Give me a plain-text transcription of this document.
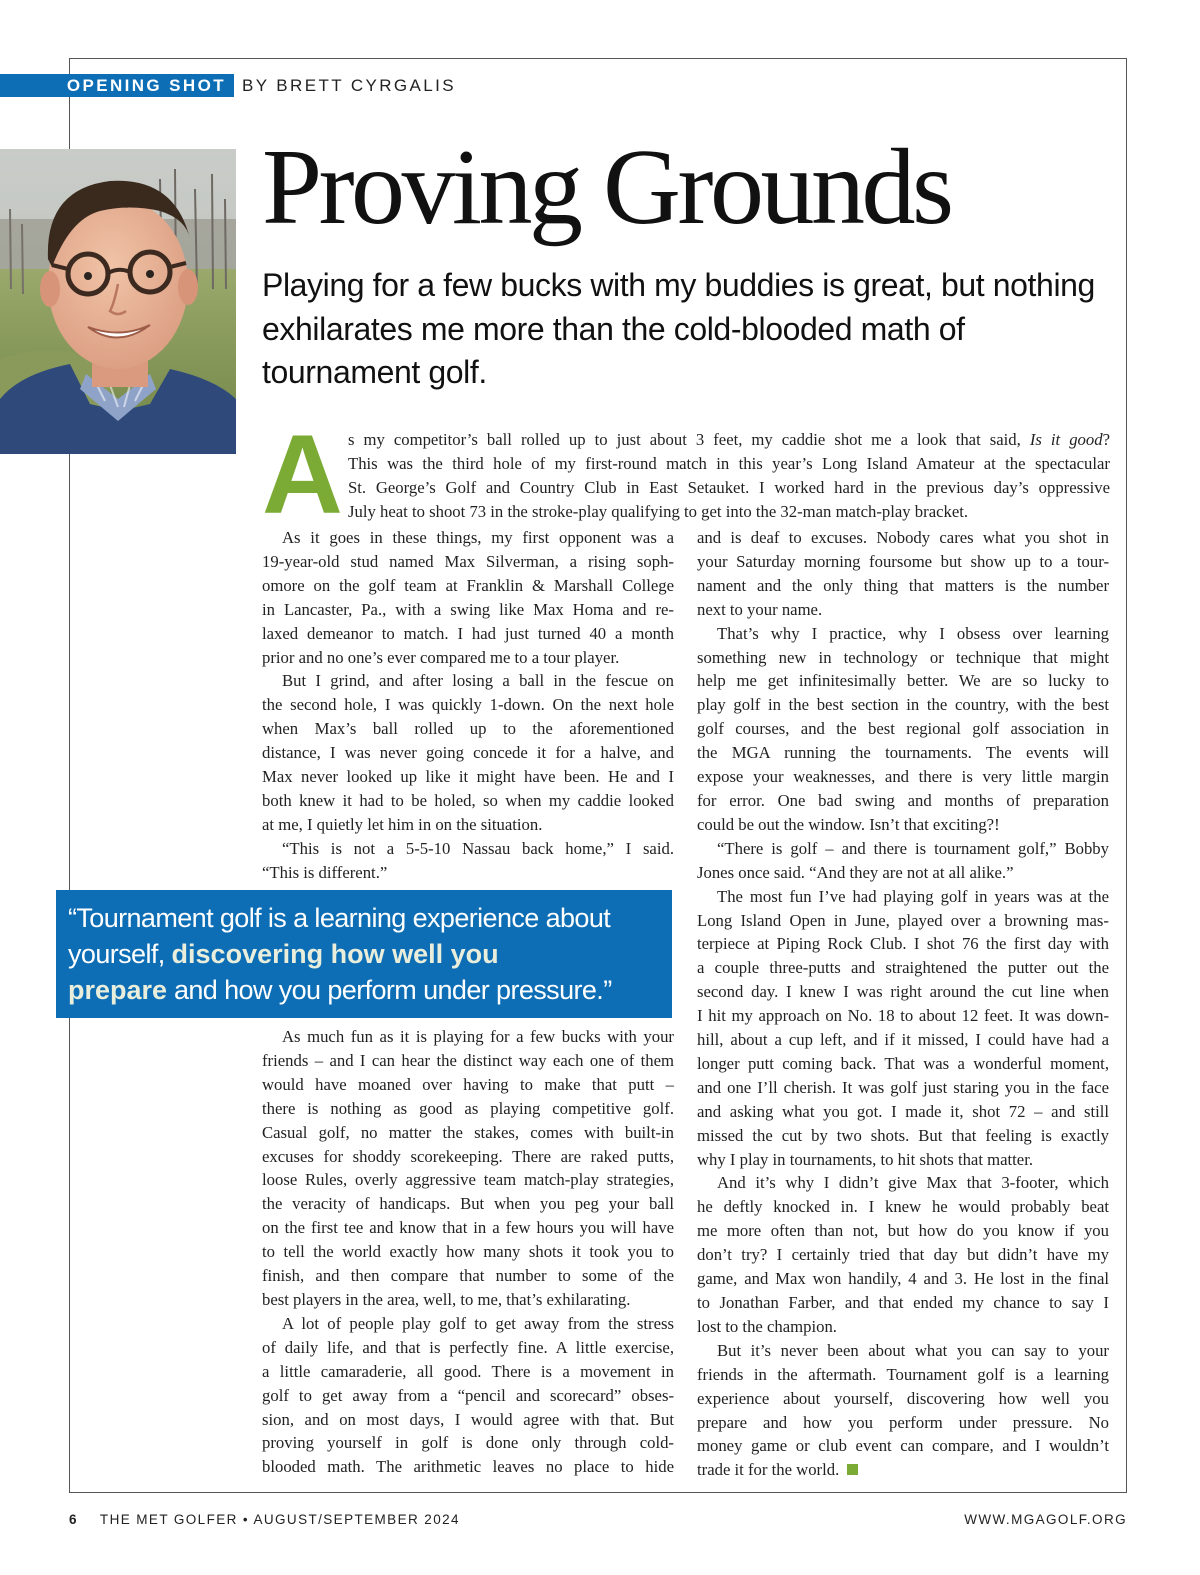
OPENING SHOT BY BRETT CYRGALIS
Proving Grounds

Playing for a few bucks with my buddies is great, but nothing exhilarates me more than the cold-blooded math of tournament golf.

A s my competitor’s ball rolled up to just about 3 feet, my caddie shot me a look that said, Is it good?
This was the third hole of my first-round match in this year’s Long Island Amateur at the spectacular
St. George’s Golf and Country Club in East Setauket. I worked hard in the previous day’s oppressive
July heat to shoot 73 in the stroke-play qualifying to get into the 32-man match-play bracket.
As it goes in these things, my first opponent was a
19-year-old stud named Max Silverman, a rising soph-
omore on the golf team at Franklin & Marshall College
in Lancaster, Pa., with a swing like Max Homa and re-
laxed demeanor to match. I had just turned 40 a month
prior and no one’s ever compared me to a tour player.
But I grind, and after losing a ball in the fescue on
the second hole, I was quickly 1-down. On the next hole
when Max’s ball rolled up to the aforementioned
distance, I was never going concede it for a halve, and
Max never looked up like it might have been. He and I
both knew it had to be holed, so when my caddie looked
at me, I quietly let him in on the situation.
“This is not a 5-5-10 Nassau back home,” I said.
“This is different.”
“Tournament golf is a learning experience about
yourself, discovering how well you
prepare and how you perform under pressure.”
As much fun as it is playing for a few bucks with your
friends – and I can hear the distinct way each one of them
would have moaned over having to make that putt –
there is nothing as good as playing competitive golf.
Casual golf, no matter the stakes, comes with built-in
excuses for shoddy scorekeeping. There are raked putts,
loose Rules, overly aggressive team match-play strategies,
the veracity of handicaps. But when you peg your ball
on the first tee and know that in a few hours you will have
to tell the world exactly how many shots it took you to
finish, and then compare that number to some of the
best players in the area, well, to me, that’s exhilarating.
A lot of people play golf to get away from the stress
of daily life, and that is perfectly fine. A little exercise,
a little camaraderie, all good. There is a movement in
golf to get away from a “pencil and scorecard” obses-
sion, and on most days, I would agree with that. But
proving yourself in golf is done only through cold-
blooded math. The arithmetic leaves no place to hide
and is deaf to excuses. Nobody cares what you shot in
your Saturday morning foursome but show up to a tour-
nament and the only thing that matters is the number
next to your name.
That’s why I practice, why I obsess over learning
something new in technology or technique that might
help me get infinitesimally better. We are so lucky to
play golf in the best section in the country, with the best
golf courses, and the best regional golf association in
the MGA running the tournaments. The events will
expose your weaknesses, and there is very little margin
for error. One bad swing and months of preparation
could be out the window. Isn’t that exciting?!
“There is golf – and there is tournament golf,” Bobby
Jones once said. “And they are not at all alike.”
The most fun I’ve had playing golf in years was at the
Long Island Open in June, played over a browning mas-
terpiece at Piping Rock Club. I shot 76 the first day with
a couple three-putts and straightened the putter out the
second day. I knew I was right around the cut line when
I hit my approach on No. 18 to about 12 feet. It was down-
hill, about a cup left, and if it missed, I could have had a
longer putt coming back. That was a wonderful moment,
and one I’ll cherish. It was golf just staring you in the face
and asking what you got. I made it, shot 72 – and still
missed the cut by two shots. But that feeling is exactly
why I play in tournaments, to hit shots that matter.
And it’s why I didn’t give Max that 3-footer, which
he deftly knocked in. I knew he would probably beat
me more often than not, but how do you know if you
don’t try? I certainly tried that day but didn’t have my
game, and Max won handily, 4 and 3. He lost in the final
to Jonathan Farber, and that ended my chance to say I
lost to the champion.
But it’s never been about what you can say to your
friends in the aftermath. Tournament golf is a learning
experience about yourself, discovering how well you
prepare and how you perform under pressure. No
money game or club event can compare, and I wouldn’t
trade it for the world.
6 THE MET GOLFER • AUGUST/SEPTEMBER 2024	WWW.MGAGOLF.ORG
